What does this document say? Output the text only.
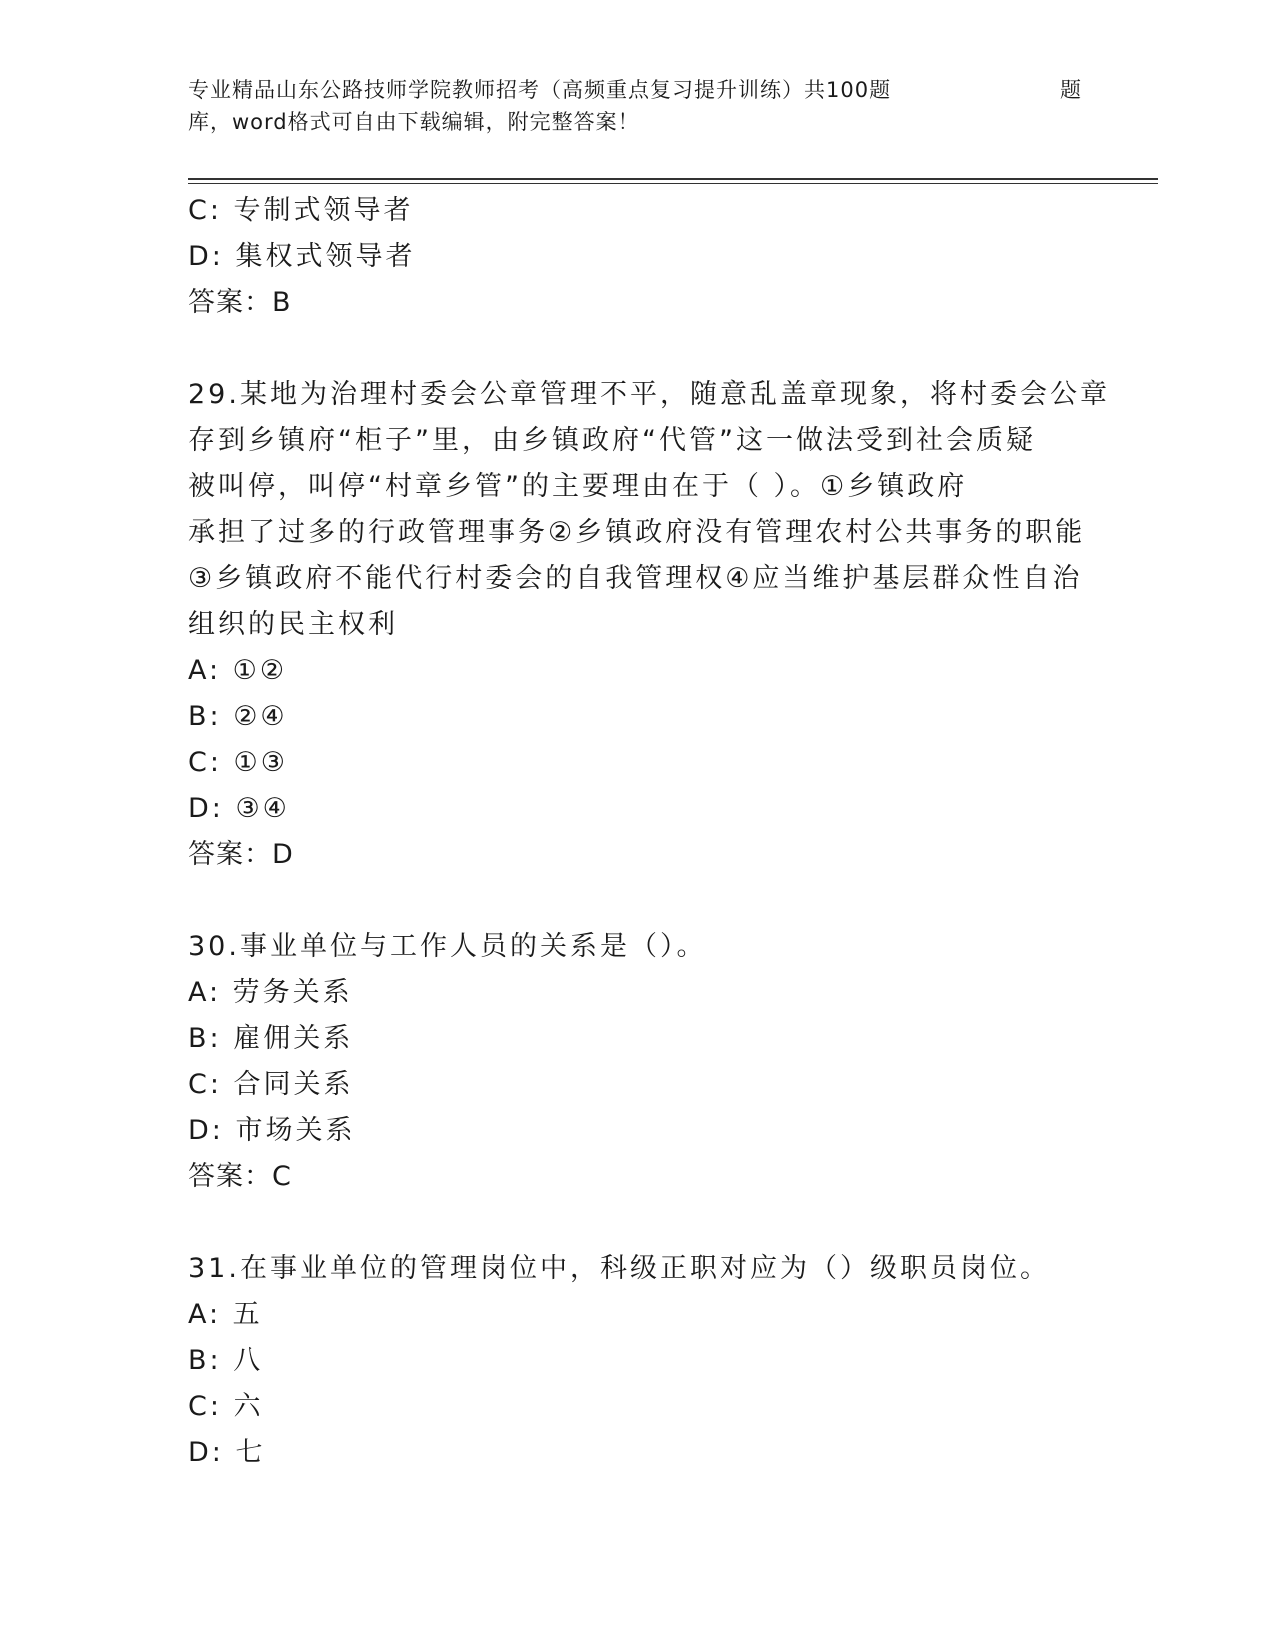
专业精品山东公路技师学院教师招考（高频重点复习提升训练）共100题	题
库，word格式可自由下载编辑，附完整答案！
C: 专制式领导者
D: 集权式领导者
答案：B
29.某地为治理村委会公章管理不平，随意乱盖章现象，将村委会公章
存到乡镇府“柜子”里，由乡镇政府“代管”这一做法受到社会质疑
被叫停，叫停“村章乡管”的主要理由在于（ ）。①乡镇政府
承担了过多的行政管理事务②乡镇政府没有管理农村公共事务的职能
③乡镇政府不能代行村委会的自我管理权④应当维护基层群众性自治
组织的民主权利
A: ①②
B: ②④
C: ①③
D: ③④
答案：D
30.事业单位与工作人员的关系是（）。
A: 劳务关系
B: 雇佣关系
C: 合同关系
D: 市场关系
答案：C
31.在事业单位的管理岗位中，科级正职对应为（）级职员岗位。
A: 五
B: 八
C: 六
D: 七
